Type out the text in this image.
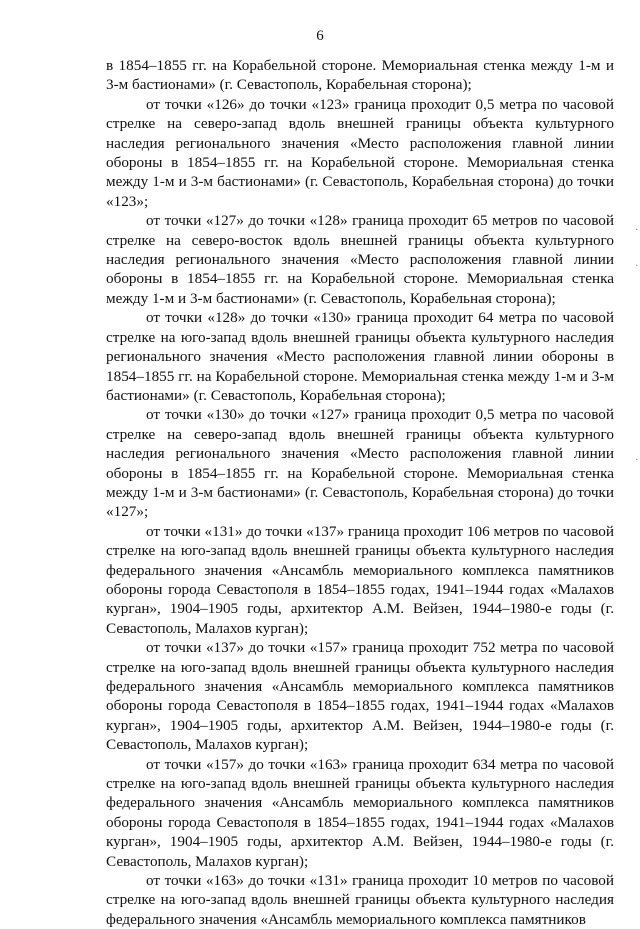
6

в 1854–1855 гг. на Корабельной стороне. Мемориальная стенка между 1-м и 3-м бастионами» (г. Севастополь, Корабельная сторона);

от точки «126» до точки «123» граница проходит 0,5 метра по часовой стрелке на северо-запад вдоль внешней границы объекта культурного наследия регионального значения «Место расположения главной линии обороны в 1854–1855 гг. на Корабельной стороне. Мемориальная стенка между 1-м и 3-м бастионами» (г. Севастополь, Корабельная сторона) до точки «123»;

от точки «127» до точки «128» граница проходит 65 метров по часовой стрелке на северо-восток вдоль внешней границы объекта культурного наследия регионального значения «Место расположения главной линии обороны в 1854–1855 гг. на Корабельной стороне. Мемориальная стенка между 1-м и 3-м бастионами» (г. Севастополь, Корабельная сторона);

от точки «128» до точки «130» граница проходит 64 метра по часовой стрелке на юго-запад вдоль внешней границы объекта культурного наследия регионального значения «Место расположения главной линии обороны в 1854–1855 гг. на Корабельной стороне. Мемориальная стенка между 1-м и 3-м бастионами» (г. Севастополь, Корабельная сторона);

от точки «130» до точки «127» граница проходит 0,5 метра по часовой стрелке на северо-запад вдоль внешней границы объекта культурного наследия регионального значения «Место расположения главной линии обороны в 1854–1855 гг. на Корабельной стороне. Мемориальная стенка между 1-м и 3-м бастионами» (г. Севастополь, Корабельная сторона) до точки «127»;

от точки «131» до точки «137» граница проходит 106 метров по часовой стрелке на юго-запад вдоль внешней границы объекта культурного наследия федерального значения «Ансамбль мемориального комплекса памятников обороны города Севастополя в 1854–1855 годах, 1941–1944 годах «Малахов курган», 1904–1905 годы, архитектор А.М. Вейзен, 1944–1980-е годы (г. Севастополь, Малахов курган);

от точки «137» до точки «157» граница проходит 752 метра по часовой стрелке на юго-запад вдоль внешней границы объекта культурного наследия федерального значения «Ансамбль мемориального комплекса памятников обороны города Севастополя в 1854–1855 годах, 1941–1944 годах «Малахов курган», 1904–1905 годы, архитектор А.М. Вейзен, 1944–1980-е годы (г. Севастополь, Малахов курган);

от точки «157» до точки «163» граница проходит 634 метра по часовой стрелке на юго-запад вдоль внешней границы объекта культурного наследия федерального значения «Ансамбль мемориального комплекса памятников обороны города Севастополя в 1854–1855 годах, 1941–1944 годах «Малахов курган», 1904–1905 годы, архитектор А.М. Вейзен, 1944–1980-е годы (г. Севастополь, Малахов курган);

от точки «163» до точки «131» граница проходит 10 метров по часовой стрелке на юго-запад вдоль внешней границы объекта культурного наследия федерального значения «Ансамбль мемориального комплекса памятников

.
.
.
